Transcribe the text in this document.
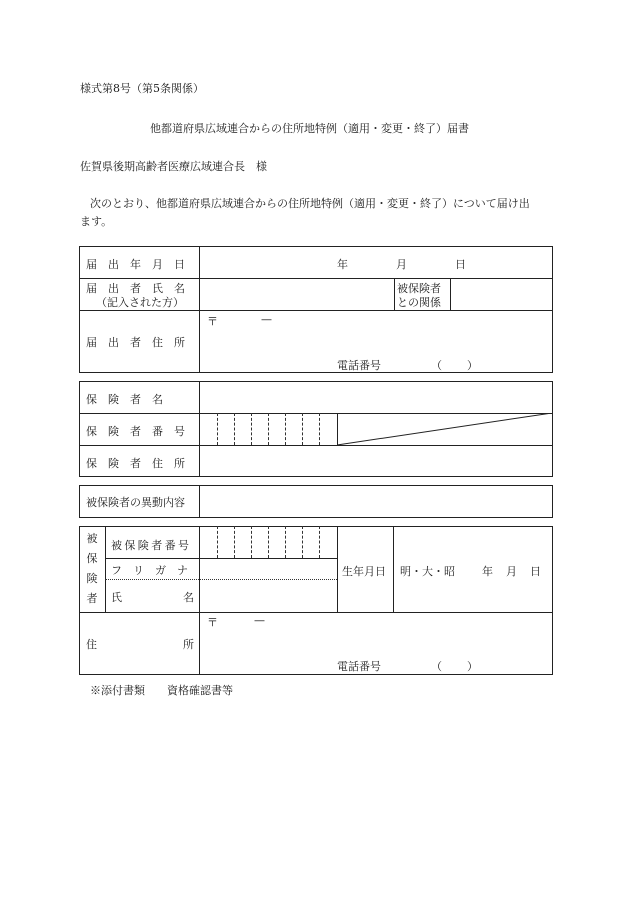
様式第8号（第5条関係）
他都道府県広域連合からの住所地特例（適用・変更・終了）届書
佐賀県後期高齢者医療広域連合長　様
次のとおり、他都道府県広域連合からの住所地特例（適用・変更・終了）について届け出
ます。
届　出　年　月　日	年	月	日
届　出　者　氏　名
（記入された方）
被保険者
との関係
届　出　者　住　所
〒	—
電話番号	（ ）
保　険　者　名
保　険　者　番　号
保　険　者　住　所
被保険者の異動内容
被
保
険
者
被保険者番号
フ　リ　ガ　ナ
氏	名
生年月日 明・大・昭 年 月 日
住	所
〒	—
電話番号	（ ）
※添付書類　　資格確認書等
